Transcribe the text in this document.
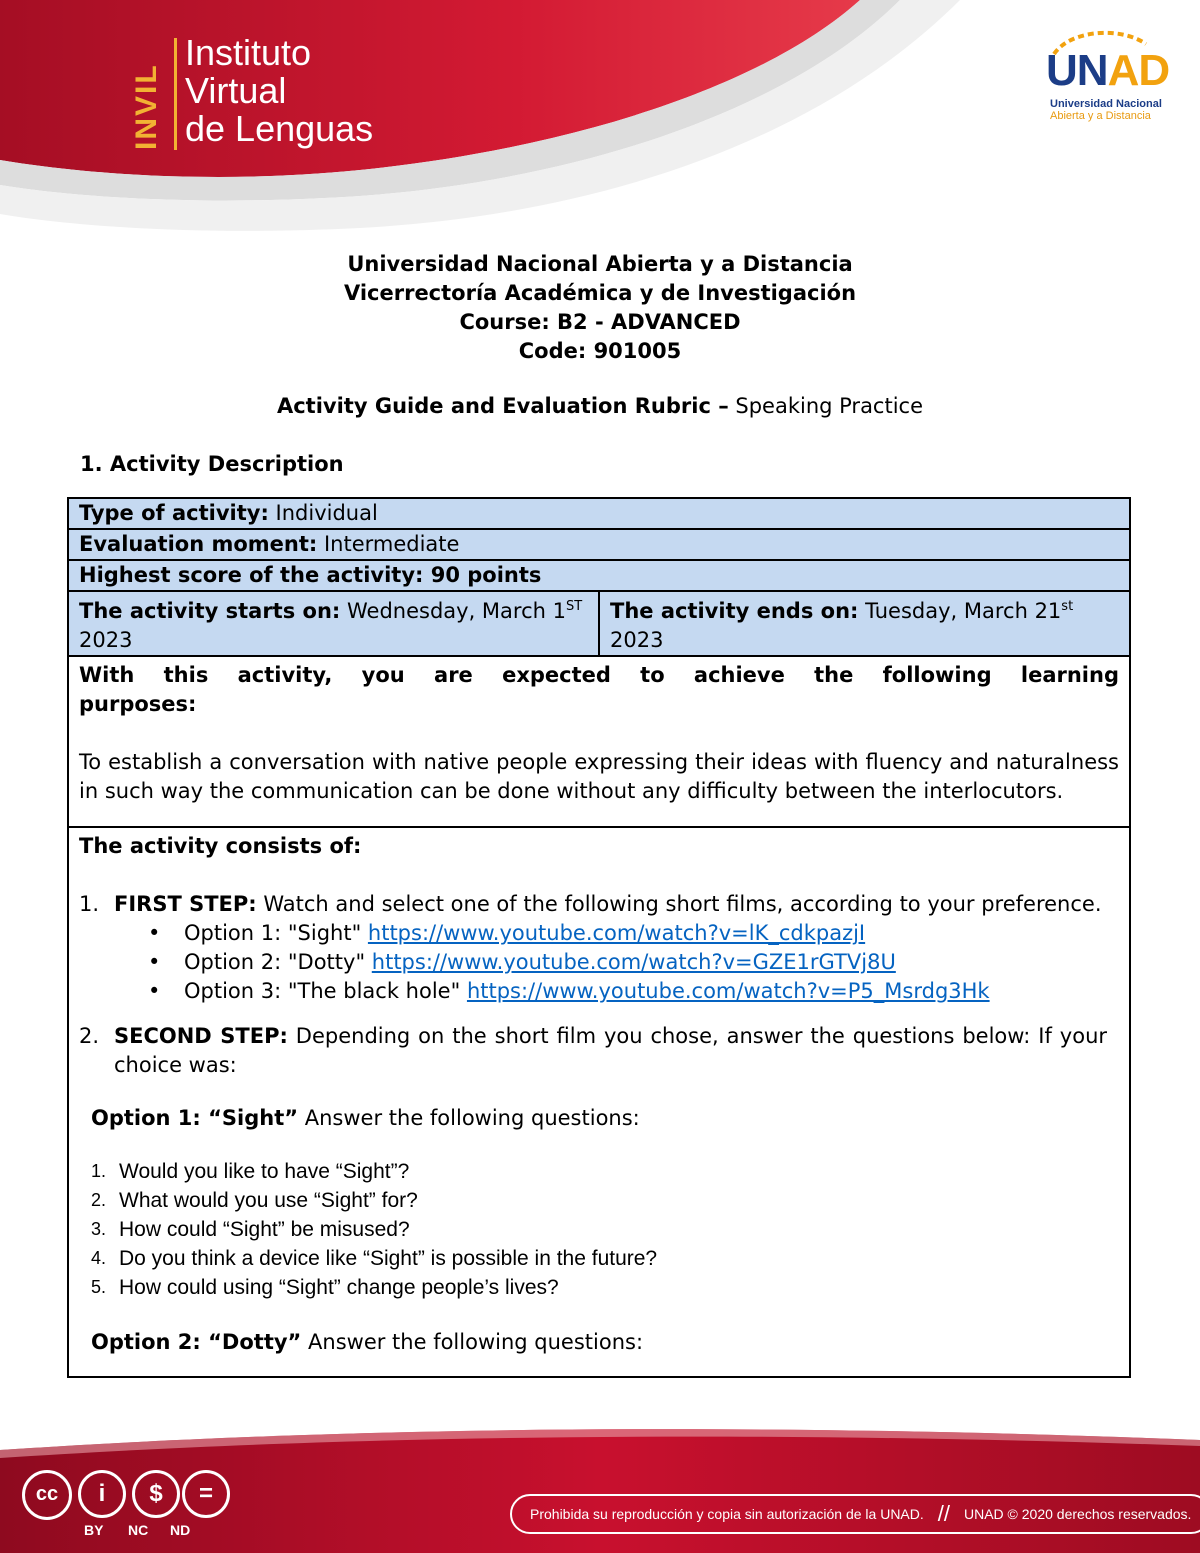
INVIL
Instituto
Virtual
de Lenguas
UNAD
Universidad Nacional
Abierta y a Distancia
Universidad Nacional Abierta y a Distancia
Vicerrectoría Académica y de Investigación
Course: B2 - ADVANCED
Code: 901005
Activity Guide and Evaluation Rubric – Speaking Practice
1. Activity Description
Type of activity: Individual
Evaluation moment: Intermediate
Highest score of the activity: 90 points
The activity starts on: Wednesday, March 1ST 2023
The activity ends on: Tuesday, March 21st 2023
With this activity, you are expected to achieve the following learning
purposes:
To establish a conversation with native people expressing their ideas with fluency and naturalness in such way the communication can be done without any difficulty between the interlocutors.
The activity consists of:
1. FIRST STEP: Watch and select one of the following short films, according to your preference.
• Option 1: "Sight" https://www.youtube.com/watch?v=lK_cdkpazjI
• Option 2: "Dotty" https://www.youtube.com/watch?v=GZE1rGTVj8U
• Option 3: "The black hole" https://www.youtube.com/watch?v=P5_Msrdg3Hk
2. SECOND STEP: Depending on the short film you chose, answer the questions below: If your choice was:
Option 1: “Sight” Answer the following questions:
1. Would you like to have “Sight”?
2. What would you use “Sight” for?
3. How could “Sight” be misused?
4. Do you think a device like “Sight” is possible in the future?
5. How could using “Sight” change people’s lives?
Option 2: “Dotty” Answer the following questions:
cc	i	$	=
BY NC ND
Prohibida su reproducción y copia sin autorización de la UNAD. // UNAD © 2020 derechos reservados.
